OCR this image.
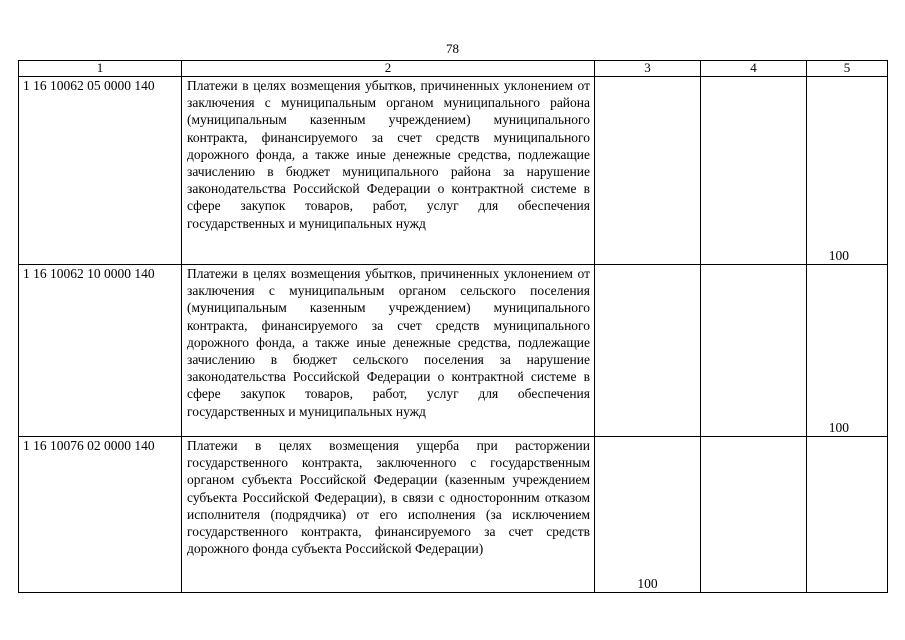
78
1	2	3	4	5
1 16 10062 05 0000 140	Платежи в целях возмещения убытков, причиненных уклонением от заключения с муниципальным органом муниципального района (муниципальным казенным учреждением) муниципального контракта, финансируемого за счет средств муниципального дорожного фонда, а также иные денежные средства, подлежащие зачислению в бюджет муниципального района за нарушение законодательства Российской Федерации о контрактной системе в сфере закупок товаров, работ, услуг для обеспечения государственных и муниципальных нужд			100

1 16 10062 10 0000 140	Платежи в целях возмещения убытков, причиненных уклонением от заключения с муниципальным органом сельского поселения (муниципальным казенным учреждением) муниципального контракта, финансируемого за счет средств муниципального дорожного фонда, а также иные денежные средства, подлежащие зачислению в бюджет сельского поселения за нарушение законодательства Российской Федерации о контрактной системе в сфере закупок товаров, работ, услуг для обеспечения государственных и муниципальных нужд			100

1 16 10076 02 0000 140	Платежи в целях возмещения ущерба при расторжении государственного контракта, заключенного с государственным органом субъекта Российской Федерации (казенным учреждением субъекта Российской Федерации), в связи с односторонним отказом исполнителя (подрядчика) от его исполнения (за исключением государственного контракта, финансируемого за счет средств дорожного фонда субъекта Российской Федерации)	100		
